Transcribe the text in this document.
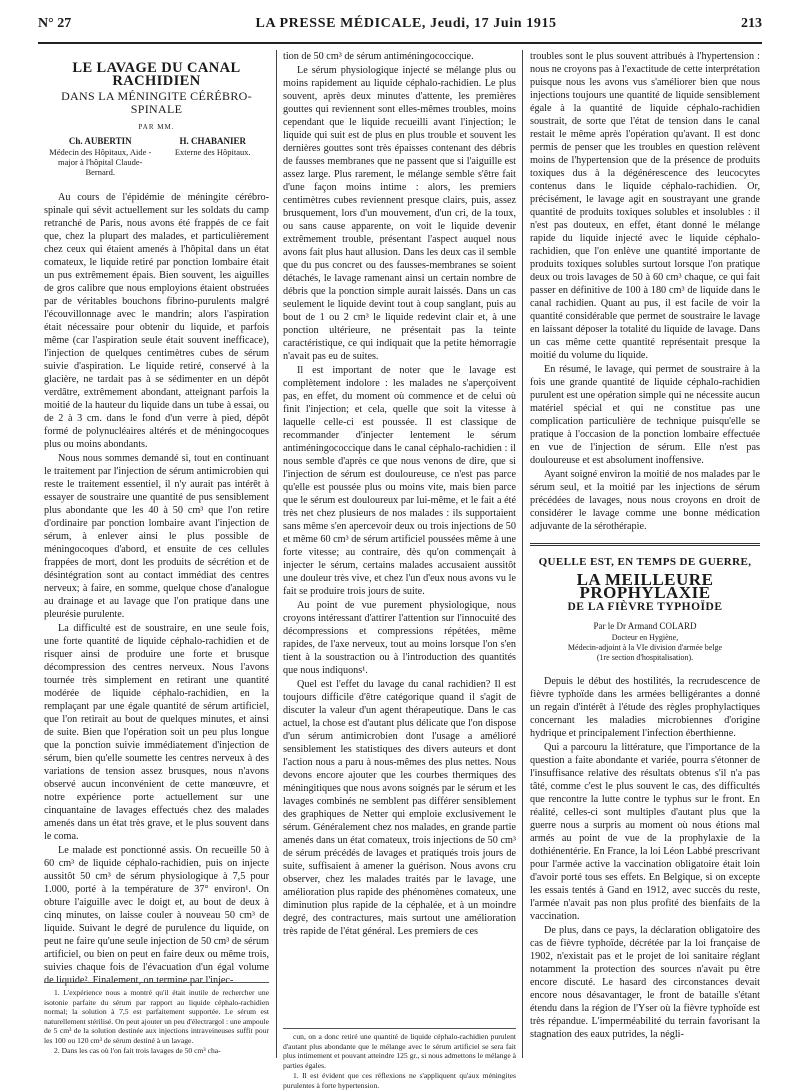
N° 27	LA PRESSE MÉDICALE, Jeudi, 17 Juin 1915	213
LE LAVAGE DU CANAL RACHIDIEN
DANS LA MÉNINGITE CÉRÉBRO-SPINALE
PAR MM.
Ch. AUBERTIN
Médecin des Hôpitaux, Aide - major à l'hôpital Claude-Bernard.
H. CHABANIER
Externe des Hôpitaux.

Au cours de l'épidémie de méningite cérébro-spinale qui sévit actuellement sur les soldats du camp retranché de Paris, nous avons été frappés de ce fait que, chez la plupart des malades, et particulièrement chez ceux qui étaient amenés à l'hôpital dans un état comateux, le liquide retiré par ponction lombaire était un pus extrêmement épais. Bien souvent, les aiguilles de gros calibre que nous employions étaient obstruées par de véritables bouchons fibrino-purulents malgré l'écouvillonnage avec le mandrin; alors l'aspiration était nécessaire pour obtenir du liquide, et parfois même (car l'aspiration seule était souvent inefficace), l'injection de quelques centimètres cubes de sérum suivie d'aspiration. Le liquide retiré, conservé à la glacière, ne tardait pas à se sédimenter en un dépôt verdâtre, extrêmement abondant, atteignant parfois la moitié de la hauteur du liquide dans un tube à essai, ou de 2 à 3 cm. dans le fond d'un verre à pied, dépôt formé de polynucléaires altérés et de méningocoques plus ou moins abondants.

Nous nous sommes demandé si, tout en continuant le traitement par l'injection de sérum antimicrobien qui reste le traitement essentiel, il n'y aurait pas intérêt à essayer de soustraire une quantité de pus sensiblement plus abondante que les 40 à 50 cm³ que l'on retire d'ordinaire par ponction lombaire avant l'injection de sérum, à enlever ainsi le plus possible de méningocoques d'abord, et ensuite de ces cellules frappées de mort, dont les produits de sécrétion et de désintégration sont au contact immédiat des centres nerveux; à faire, en somme, quelque chose d'analogue au drainage et au lavage que l'on pratique dans une pleurésie purulente.

La difficulté est de soustraire, en une seule fois, une forte quantité de liquide céphalo-rachidien et de risquer ainsi de produire une forte et brusque décompression des centres nerveux. Nous l'avons tournée très simplement en retirant une quantité modérée de liquide céphalo-rachidien, en la remplaçant par une égale quantité de sérum artificiel, que l'on retirait au bout de quelques minutes, et ainsi de suite. Bien que l'opération soit un peu plus longue que la ponction suivie immédiatement d'injection de sérum, bien qu'elle soumette les centres nerveux à des variations de tension assez brusques, nous n'avons observé aucun inconvénient de cette manœuvre, et notre expérience porte actuellement sur une cinquantaine de lavages effectués chez des malades amenés dans un état très grave, et le plus souvent dans le coma.

Le malade est ponctionné assis. On recueille 50 à 60 cm³ de liquide céphalo-rachidien, puis on injecte aussitôt 50 cm³ de sérum physiologique à 7,5 pour 1.000, porté à la température de 37° environ¹. On obture l'aiguille avec le doigt et, au bout de deux à cinq minutes, on laisse couler à nouveau 50 cm³ de liquide. Suivant le degré de purulence du liquide, on peut ne faire qu'une seule injection de 50 cm³ de sérum artificiel, ou bien on peut en faire deux ou même trois, suivies chaque fois de l'évacuation d'un égal volume de liquide². Finalement, on termine par l'injec-

1. L'expérience nous a montré qu'il était inutile de rechercher une isotonie parfaite du sérum par rapport au liquide céphalo-rachidien normal; la solution à 7,5 est parfaitement supportée. Le sérum est naturellement stérilisé. On peut ajouter un peu d'électrargol : une ampoule de 5 cm³ de la solution destinée aux injections intraveineuses suffit pour les 100 ou 120 cm³ de sérum destiné à un lavage.

2. Dans les cas où l'on fait trois lavages de 50 cm³ cha-

tion de 50 cm³ de sérum antiméningococcique.

Le sérum physiologique injecté se mélange plus ou moins rapidement au liquide céphalo-rachidien. Le plus souvent, après deux minutes d'attente, les premières gouttes qui reviennent sont elles-mêmes troubles, moins cependant que le liquide recueilli avant l'injection; le liquide qui suit est de plus en plus trouble et souvent les dernières gouttes sont très épaisses contenant des débris de fausses membranes que ne passent que si l'aiguille est assez large. Plus rarement, le mélange semble s'être fait d'une façon moins intime : alors, les premiers centimètres cubes reviennent presque clairs, puis, assez brusquement, lors d'un mouvement, d'un cri, de la toux, ou sans cause apparente, on voit le liquide devenir extrêmement trouble, présentant l'aspect auquel nous avons fait plus haut allusion. Dans les deux cas il semble que du pus concret ou des fausses-membranes se soient détachés, le lavage ramenant ainsi un certain nombre de débris que la ponction simple aurait laissés. Dans un cas seulement le liquide devint tout à coup sanglant, puis au bout de 1 ou 2 cm³ le liquide redevint clair et, à une ponction ultérieure, ne présentait pas la teinte caractéristique, ce qui indiquait que la petite hémorragie n'avait pas eu de suites.

Il est important de noter que le lavage est complètement indolore : les malades ne s'aperçoivent pas, en effet, du moment où commence et de celui où finit l'injection; et cela, quelle que soit la vitesse à laquelle celle-ci est poussée. Il est classique de recommander d'injecter lentement le sérum antiméningococcique dans le canal céphalo-rachidien : il nous semble d'après ce que nous venons de dire, que si l'injection de sérum est douloureuse, ce n'est pas parce qu'elle est poussée plus ou moins vite, mais bien parce que le sérum est douloureux par lui-même, et le fait a été très net chez plusieurs de nos malades : ils supportaient sans même s'en apercevoir deux ou trois injections de 50 et même 60 cm³ de sérum artificiel poussées même à une forte vitesse; au contraire, dès qu'on commençait à injecter le sérum, certains malades accusaient aussitôt une douleur très vive, et chez l'un d'eux nous avons vu le fait se produire trois jours de suite.

Au point de vue purement physiologique, nous croyons intéressant d'attirer l'attention sur l'innocuité des décompressions et compressions répétées, même rapides, de l'axe nerveux, tout au moins lorsque l'on s'en tient à la soustraction ou à l'introduction des quantités que nous indiquons¹.

Quel est l'effet du lavage du canal rachidien? Il est toujours difficile d'être catégorique quand il s'agit de discuter la valeur d'un agent thérapeutique. Dans le cas actuel, la chose est d'autant plus délicate que l'on dispose d'un sérum antimicrobien dont l'usage a amélioré sensiblement les statistiques des divers auteurs et dont l'action nous a paru à nous-mêmes des plus nettes. Nous devons encore ajouter que les courbes thermiques des méningitiques que nous avons soignés par le sérum et les lavages combinés ne semblent pas différer sensiblement des graphiques de Netter qui emploie exclusivement le sérum. Généralement chez nos malades, en grande partie amenés dans un état comateux, trois injections de 50 cm³ de sérum précédés de lavages et pratiqués trois jours de suite, suffisaient à amener la guérison. Nous avons cru observer, chez les malades traités par le lavage, une amélioration plus rapide des phénomènes comateux, une diminution plus rapide de la céphalée, et à un moindre degré, des contractures, mais surtout une amélioration très rapide de l'état général. Les premiers de ces

cun, on a donc retiré une quantité de liquide céphalo-rachidien purulent d'autant plus abondante que le mélange avec le sérum artificiel se sera fait plus intimement et pouvant atteindre 125 gr., si nous admettons le mélange à parties égales.

1. Il est évident que ces réflexions ne s'appliquent qu'aux méningites purulentes à forte hypertension.

troubles sont le plus souvent attribués à l'hypertension : nous ne croyons pas à l'exactitude de cette interprétation puisque nous les avons vus s'améliorer bien que nous injections toujours une quantité de liquide sensiblement égale à la quantité de liquide céphalo-rachidien soustrait, de sorte que l'état de tension dans le canal restait le même après l'opération qu'avant. Il est donc permis de penser que les troubles en question relèvent moins de l'hypertension que de la présence de produits toxiques dus à la dégénérescence des leucocytes contenus dans le liquide céphalo-rachidien. Or, précisément, le lavage agit en soustrayant une grande quantité de produits toxiques solubles et insolubles : il n'est pas douteux, en effet, étant donné le mélange rapide du liquide injecté avec le liquide céphalo-rachidien, que l'on enlève une quantité importante de produits toxiques solubles surtout lorsque l'on pratique deux ou trois lavages de 50 à 60 cm³ chaque, ce qui fait passer en définitive de 100 à 180 cm³ de liquide dans le canal rachidien. Quant au pus, il est facile de voir la quantité considérable que permet de soustraire le lavage en laissant déposer la totalité du liquide de lavage. Dans un cas même cette quantité représentait presque la moitié du volume du liquide.

En résumé, le lavage, qui permet de soustraire à la fois une grande quantité de liquide céphalo-rachidien purulent est une opération simple qui ne nécessite aucun matériel spécial et qui ne constitue pas une complication particulière de technique puisqu'elle se pratique à l'occasion de la ponction lombaire effectuée en vue de l'injection de sérum. Elle n'est pas douloureuse et est absolument inoffensive.

Ayant soigné environ la moitié de nos malades par le sérum seul, et la moitié par les injections de sérum précédées de lavages, nous nous croyons en droit de considérer le lavage comme une bonne médication adjuvante de la sérothérapie.

QUELLE EST, EN TEMPS DE GUERRE,
LA MEILLEURE PROPHYLAXIE
DE LA FIÈVRE TYPHOÏDE
Par le Dr Armand COLARD
Docteur en Hygiène,
Médecin-adjoint à la VIe division d'armée belge
(1re section d'hospitalisation).

Depuis le début des hostilités, la recrudescence de fièvre typhoïde dans les armées belligérantes a donné un regain d'intérêt à l'étude des règles prophylactiques concernant les maladies microbiennes d'origine hydrique et principalement l'infection éberthienne.

Qui a parcouru la littérature, que l'importance de la question a faite abondante et variée, pourra s'étonner de l'insuffisance relative des résultats obtenus s'il n'a pas tâté, comme c'est le plus souvent le cas, des difficultés que rencontre la lutte contre le typhus sur le front. En réalité, celles-ci sont multiples d'autant plus que la guerre nous a surpris au moment où nous étions mal armés au point de vue de la prophylaxie de la dothiénentérie. En France, la loi Léon Labbé prescrivant pour l'armée active la vaccination obligatoire était loin d'avoir porté tous ses effets. En Belgique, si on excepte les essais tentés à Gand en 1912, avec succès du reste, l'armée n'avait pas non plus profité des bienfaits de la vaccination.

De plus, dans ce pays, la déclaration obligatoire des cas de fièvre typhoïde, décrétée par la loi française de 1902, n'existait pas et le projet de loi sanitaire réglant notamment la protection des sources n'avait pu être encore discuté. Le hasard des circonstances devait encore nous désavantager, le front de bataille s'étant étendu dans la région de l'Yser où la fièvre typhoïde est très répandue. L'imperméabilité du terrain favorisant la stagnation des eaux putrides, la négli-
